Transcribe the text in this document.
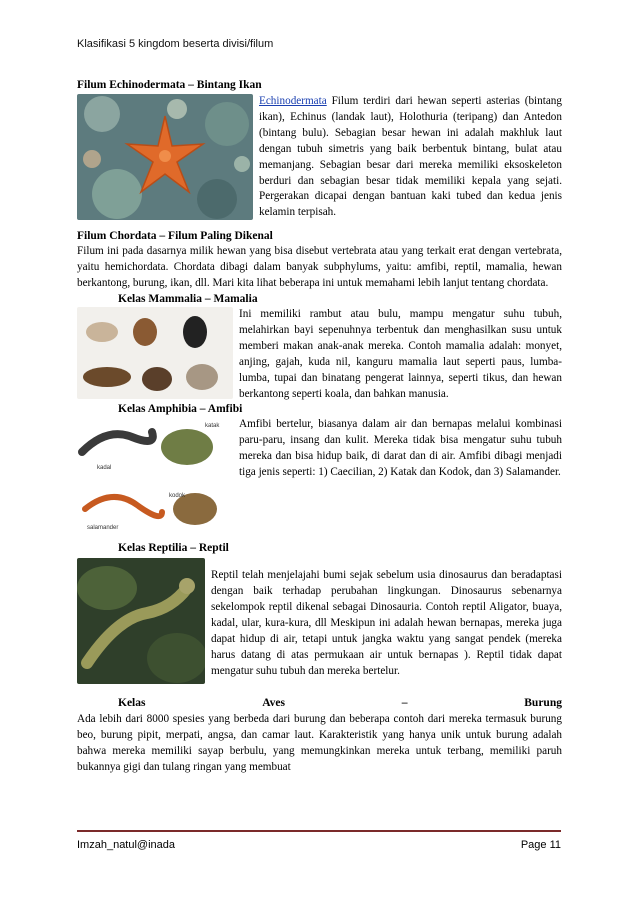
Klasifikasi 5 kingdom beserta divisi/filum
Filum Echinodermata – Bintang Ikan

Echinodermata Filum terdiri dari hewan seperti asterias (bintang ikan), Echinus (landak laut), Holothuria (teripang) dan Antedon (bintang bulu). Sebagian besar hewan ini adalah makhluk laut dengan tubuh simetris yang baik berbentuk bintang, bulat atau memanjang. Sebagian besar dari mereka memiliki eksoskeleton berduri dan sebagian besar tidak memiliki kepala yang sejati. Pergerakan dicapai dengan bantuan kaki tubed dan kedua jenis kelamin terpisah.

Filum Chordata – Filum Paling Dikenal

Filum ini pada dasarnya milik hewan yang bisa disebut vertebrata atau yang terkait erat dengan vertebrata, yaitu hemichordata. Chordata dibagi dalam banyak subphylums, yaitu: amfibi, reptil, mamalia, hewan berkantong, burung, ikan, dll. Mari kita lihat beberapa ini untuk memahami lebih lanjut tentang chordata.

Kelas Mammalia – Mamalia

Ini memiliki rambut atau bulu, mampu mengatur suhu tubuh, melahirkan bayi sepenuhnya terbentuk dan menghasilkan susu untuk memberi makan anak-anak mereka. Contoh mamalia adalah: monyet, anjing, gajah, kuda nil, kanguru mamalia laut seperti paus, lumba-lumba, tupai dan binatang pengerat lainnya, seperti tikus, dan hewan berkantong seperti koala, dan bahkan manusia.

Kelas Amphibia – Amfibi
katak
kadal
kodok
salamander

Amfibi bertelur, biasanya dalam air dan bernapas melalui kombinasi paru-paru, insang dan kulit. Mereka tidak bisa mengatur suhu tubuh mereka dan bisa hidup baik, di darat dan di air. Amfibi dibagi menjadi tiga jenis seperti: 1) Caecilian, 2) Katak dan Kodok, dan 3) Salamander.

Kelas Reptilia – Reptil

Reptil telah menjelajahi bumi sejak sebelum usia dinosaurus dan beradaptasi dengan baik terhadap perubahan lingkungan. Dinosaurus sebenarnya sekelompok reptil dikenal sebagai Dinosauria. Contoh reptil Aligator, buaya, kadal, ular, kura-kura, dll Meskipun ini adalah hewan bernapas, mereka juga dapat hidup di air, tetapi untuk jangka waktu yang sangat pendek (mereka harus datang di atas permukaan air untuk bernapas ). Reptil tidak dapat mengatur suhu tubuh dan mereka bertelur.

Kelas	Aves	–	Burung

Ada lebih dari 8000 spesies yang berbeda dari burung dan beberapa contoh dari mereka termasuk burung beo, burung pipit, merpati, angsa, dan camar laut. Karakteristik yang hanya unik untuk burung adalah bahwa mereka memiliki sayap berbulu, yang memungkinkan mereka untuk terbang, memiliki paruh bukannya gigi dan tulang ringan yang membuat

Imzah_natul@inada	Page 11
